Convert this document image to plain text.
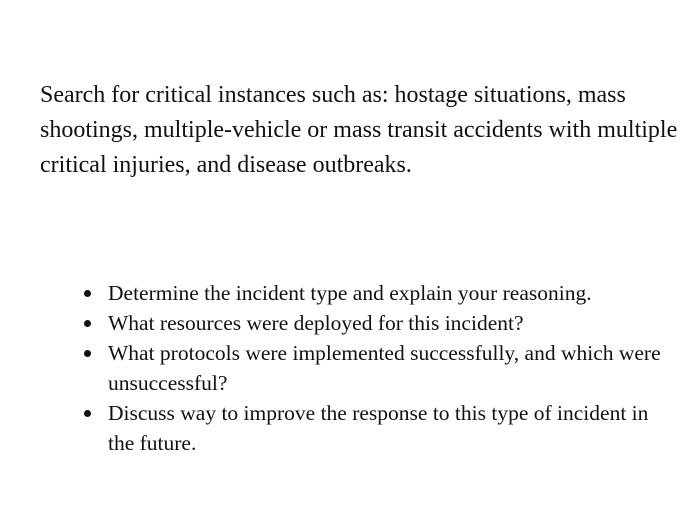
Search for critical instances such as: hostage situations, mass shootings, multiple-vehicle or mass transit accidents with multiple critical injuries, and disease outbreaks.

Determine the incident type and explain your reasoning.
What resources were deployed for this incident?
What protocols were implemented successfully, and which were unsuccessful?
Discuss way to improve the response to this type of incident in the future.
